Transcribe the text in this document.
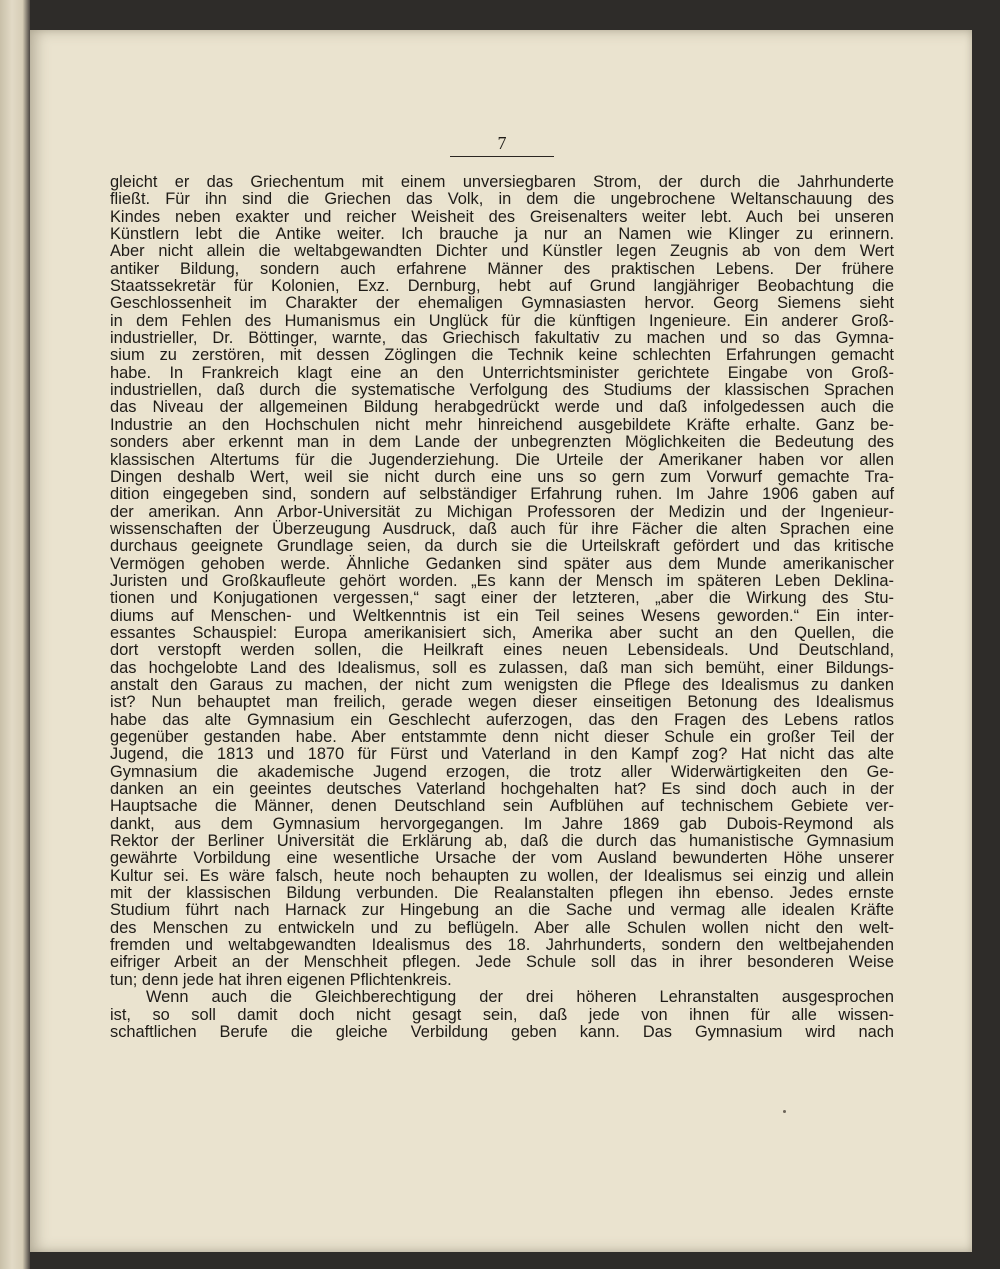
7
gleicht er das Griechentum mit einem unversiegbaren Strom, der durch die Jahrhunderte
fließt. Für ihn sind die Griechen das Volk, in dem die ungebrochene Weltanschauung des
Kindes neben exakter und reicher Weisheit des Greisenalters weiter lebt. Auch bei unseren
Künstlern lebt die Antike weiter. Ich brauche ja nur an Namen wie Klinger zu erinnern.
Aber nicht allein die weltabgewandten Dichter und Künstler legen Zeugnis ab von dem Wert
antiker Bildung, sondern auch erfahrene Männer des praktischen Lebens. Der frühere
Staatssekretär für Kolonien, Exz. Dernburg, hebt auf Grund langjähriger Beobachtung die
Geschlossenheit im Charakter der ehemaligen Gymnasiasten hervor. Georg Siemens sieht
in dem Fehlen des Humanismus ein Unglück für die künftigen Ingenieure. Ein anderer Groß-
industrieller, Dr. Böttinger, warnte, das Griechisch fakultativ zu machen und so das Gymna-
sium zu zerstören, mit dessen Zöglingen die Technik keine schlechten Erfahrungen gemacht
habe. In Frankreich klagt eine an den Unterrichtsminister gerichtete Eingabe von Groß-
industriellen, daß durch die systematische Verfolgung des Studiums der klassischen Sprachen
das Niveau der allgemeinen Bildung herabgedrückt werde und daß infolgedessen auch die
Industrie an den Hochschulen nicht mehr hinreichend ausgebildete Kräfte erhalte. Ganz be-
sonders aber erkennt man in dem Lande der unbegrenzten Möglichkeiten die Bedeutung des
klassischen Altertums für die Jugenderziehung. Die Urteile der Amerikaner haben vor allen
Dingen deshalb Wert, weil sie nicht durch eine uns so gern zum Vorwurf gemachte Tra-
dition eingegeben sind, sondern auf selbständiger Erfahrung ruhen. Im Jahre 1906 gaben auf
der amerikan. Ann Arbor-Universität zu Michigan Professoren der Medizin und der Ingenieur-
wissenschaften der Überzeugung Ausdruck, daß auch für ihre Fächer die alten Sprachen eine
durchaus geeignete Grundlage seien, da durch sie die Urteilskraft gefördert und das kritische
Vermögen gehoben werde. Ähnliche Gedanken sind später aus dem Munde amerikanischer
Juristen und Großkaufleute gehört worden. „Es kann der Mensch im späteren Leben Deklina-
tionen und Konjugationen vergessen,“ sagt einer der letzteren, „aber die Wirkung des Stu-
diums auf Menschen- und Weltkenntnis ist ein Teil seines Wesens geworden.“ Ein inter-
essantes Schauspiel: Europa amerikanisiert sich, Amerika aber sucht an den Quellen, die
dort verstopft werden sollen, die Heilkraft eines neuen Lebensideals. Und Deutschland,
das hochgelobte Land des Idealismus, soll es zulassen, daß man sich bemüht, einer Bildungs-
anstalt den Garaus zu machen, der nicht zum wenigsten die Pflege des Idealismus zu danken
ist? Nun behauptet man freilich, gerade wegen dieser einseitigen Betonung des Idealismus
habe das alte Gymnasium ein Geschlecht auferzogen, das den Fragen des Lebens ratlos
gegenüber gestanden habe. Aber entstammte denn nicht dieser Schule ein großer Teil der
Jugend, die 1813 und 1870 für Fürst und Vaterland in den Kampf zog? Hat nicht das alte
Gymnasium die akademische Jugend erzogen, die trotz aller Widerwärtigkeiten den Ge-
danken an ein geeintes deutsches Vaterland hochgehalten hat? Es sind doch auch in der
Hauptsache die Männer, denen Deutschland sein Aufblühen auf technischem Gebiete ver-
dankt, aus dem Gymnasium hervorgegangen. Im Jahre 1869 gab Dubois-Reymond als
Rektor der Berliner Universität die Erklärung ab, daß die durch das humanistische Gymnasium
gewährte Vorbildung eine wesentliche Ursache der vom Ausland bewunderten Höhe unserer
Kultur sei. Es wäre falsch, heute noch behaupten zu wollen, der Idealismus sei einzig und allein
mit der klassischen Bildung verbunden. Die Realanstalten pflegen ihn ebenso. Jedes ernste
Studium führt nach Harnack zur Hingebung an die Sache und vermag alle idealen Kräfte
des Menschen zu entwickeln und zu beflügeln. Aber alle Schulen wollen nicht den welt-
fremden und weltabgewandten Idealismus des 18. Jahrhunderts, sondern den weltbejahenden
eifriger Arbeit an der Menschheit pflegen. Jede Schule soll das in ihrer besonderen Weise
tun; denn jede hat ihren eigenen Pflichtenkreis.
Wenn auch die Gleichberechtigung der drei höheren Lehranstalten ausgesprochen
ist, so soll damit doch nicht gesagt sein, daß jede von ihnen für alle wissen-
schaftlichen Berufe die gleiche Verbildung geben kann. Das Gymnasium wird nach
